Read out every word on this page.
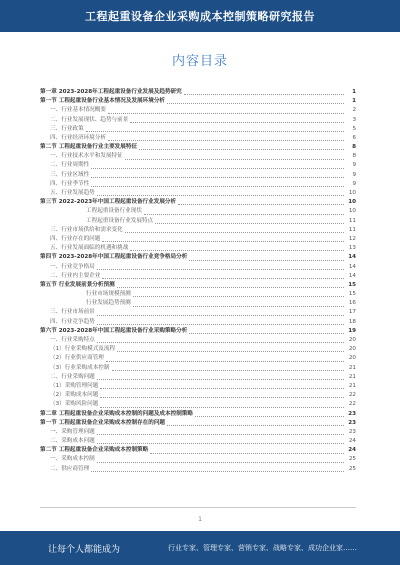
工程起重设备企业采购成本控制策略研究报告
内容目录
第一章 2023-2028年工程起重设备行业发展及趋势研究	1
第一节 工程起重设备行业基本情况及发展环境分析	1
一、行业基本情况概要	2
二、行业发展现状、趋势与前景	3
三、行业政策	5
四、行业经济环境分析	6
第二节 工程起重设备行业主要发展特征	8
一、行业技术水平和发展特征	8
二、行业周期性	9
三、行业区域性	9
四、行业季节性	9
五、行业发展趋势	10
第三节 2022-2023年中国工程起重设备行业发展分析	10
工程起重设备行业现状	10
工程起重设备行业发展特点	11
三、行业市场供给和需求变化	11
四、行业存在的问题	12
五、行业发展面临的机遇和挑战	13
第四节 2023-2028年中国工程起重设备行业竞争格局分析	14
一、行业竞争格局	14
二、行业内主要企业	14
第五节 行业发展前景分析预测	15
行业市场规模预测	15
行业发展趋势预测	16
三、行业市场前景	17
四、行业竞争趋势	18
第六节 2023-2028年中国工程起重设备行业采购策略分析	19
一、行业采购特点	20
（1）行业采购模式及流程	20
（2）行业供应商管理	20
（3）行业采购成本控制	21
二、行业采购问题	21
（1）采购管理问题	21
（2）采购成本问题	22
（3）采购风险问题	22
第二章 工程起重设备企业采购成本控制的问题及成本控制策略	23
第一节 工程起重设备企业采购成本控制存在的问题	23
一、采购管理问题	23
二、采购成本问题	24
第二节 工程起重设备企业采购成本控制策略	24
一、采购成本控制	25
二、供应商管理	25
1
让每个人都能成为	行业专家、管理专家、营销专家、战略专家、成功企业家……
